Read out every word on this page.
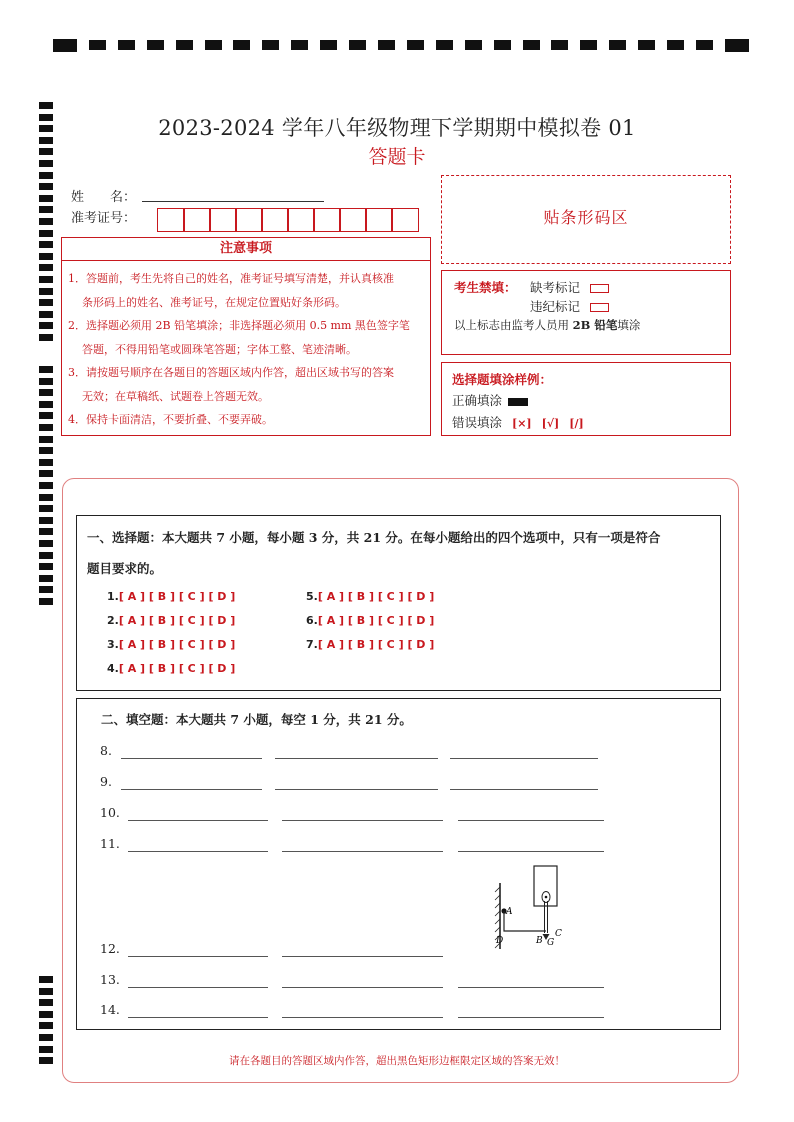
2023-2024 学年八年级物理下学期期中模拟卷 01
答题卡
姓　　名：
准考证号：
注意事项
1．答题前，考生先将自己的姓名，准考证号填写清楚，并认真核准
条形码上的姓名、准考证号，在规定位置贴好条形码。
2．选择题必须用 2B 铅笔填涂；非选择题必须用 0.5 mm 黑色签字笔
答题，不得用铅笔或圆珠笔答题；字体工整、笔迹清晰。
3．请按题号顺序在各题目的答题区域内作答，超出区域书写的答案
无效；在草稿纸、试题卷上答题无效。
4．保持卡面清洁，不要折叠、不要弄破。
贴条形码区
考生禁填： 缺考标记
违纪标记
以上标志由监考人员用 2B 铅笔填涂
选择题填涂样例：
正确填涂
错误填涂 [×] [√] [/]
一、选择题：本大题共 7 小题，每小题 3 分，共 21 分。在每小题给出的四个选项中，只有一项是符合
题目要求的。
1.[ A ] [ B ] [ C ] [ D ]
2.[ A ] [ B ] [ C ] [ D ]
3.[ A ] [ B ] [ C ] [ D ]
4.[ A ] [ B ] [ C ] [ D ]
5.[ A ] [ B ] [ C ] [ D ]
6.[ A ] [ B ] [ C ] [ D ]
7.[ A ] [ B ] [ C ] [ D ]
二、填空题：本大题共 7 小题，每空 1 分，共 21 分。
8.
9.
10.
11.
A
D	B G
C
12.
13.
14.
请在各题目的答题区域内作答，超出黑色矩形边框限定区域的答案无效！
